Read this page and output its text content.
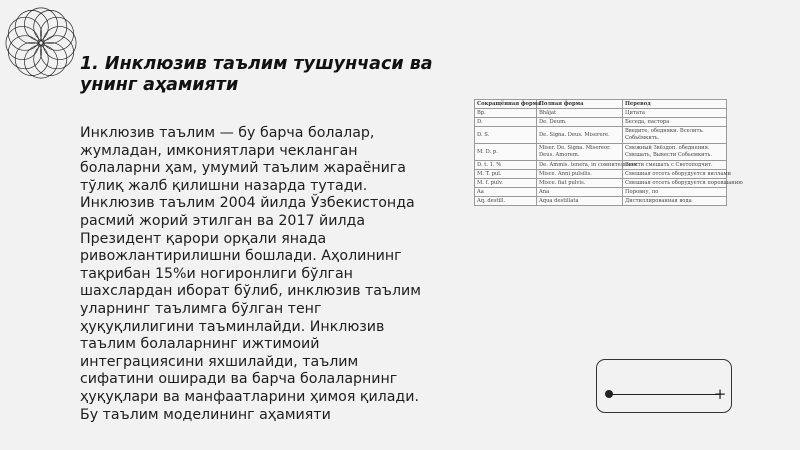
1. Инклюзив таълим тушунчаси ва унинг аҳамияти
Инклюзив таълим — бу барча болалар, жумладан, имкониятлари чекланган болаларни ҳам, умумий таълим жараёнига тўлиқ жалб қилишни назарда тутади. Инклюзив таълим 2004 йилда Ўзбекистонда расмий жорий этилган ва 2017 йилда Президент қарори орқали янада ривожлантирилишни бошлади. Аҳолининг тақрибан 15%и ногиронлиги бўлган шахслардан иборат бўлиб, инклюзив таълим уларнинг таълимга бўлган тенг ҳуқуқлилигини таъминлайди. Инклюзив таълим болаларнинг ижтимоий интеграциясини яхшилайди, таълим сифатини оширади ва барча болаларнинг ҳуқуқлари ва манфаатларини ҳимоя қилади. Бу таълим моделининг аҳамияти
Сокращённая форма	Полная форма	Перевод
Bp.	Bhājat	Цитата
D.	De. Deum.	Беседа, пастора
D. S.	De. Signa. Deus. Miserere.	Введите, обедняки. Вселить. Собьёмкить.
M. D. p.	Miser. De. Signa. Misereor. Deus. Amorem.	Смежный Звёздоп. обеднения. Смешать, Вывести Собьемкить.
D. t. 1. %	De. Ammis. tenera, in сомнительном	Ввести смешать с Светоподчит.
M. T. pul.	Misce. Anni pulsilis.	Смешная отсеть оборудуется виллами
M. f. pulv.	Misce. fiat pulvis.	Смешная отсеть оборудуется поровшанию
Aa	Ana	Поровну, по
Aq. destill.	Aqua destillata	Дистиллированная вода
+
